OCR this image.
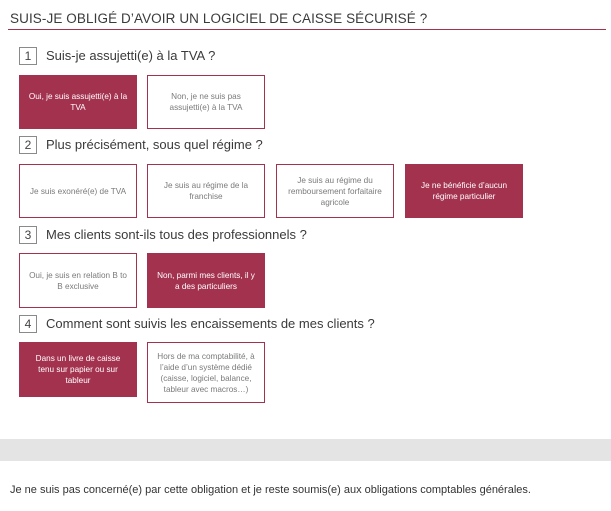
SUIS-JE OBLIGÉ D’AVOIR UN LOGICIEL DE CAISSE SÉCURISÉ ?
1	Suis-je assujetti(e) à la TVA ?
Oui, je suis assujetti(e) à la TVA
Non, je ne suis pas assujetti(e) à la TVA
2	Plus précisément, sous quel régime ?
Je suis exonéré(e) de TVA
Je suis au régime de la franchise
Je suis au régime du remboursement forfaitaire agricole
Je ne bénéficie d’aucun régime particulier
3	Mes clients sont-ils tous des professionnels ?
Oui, je suis en relation B to B exclusive
Non, parmi mes clients, il y a des particuliers
4	Comment sont suivis les encaissements de mes clients ?
Dans un livre de caisse tenu sur papier ou sur tableur
Hors de ma comptabilité, à l’aide d’un système dédié (caisse, logiciel, balance, tableur avec macros…)
Je ne suis pas concerné(e) par cette obligation et je reste soumis(e) aux obligations comptables générales.
